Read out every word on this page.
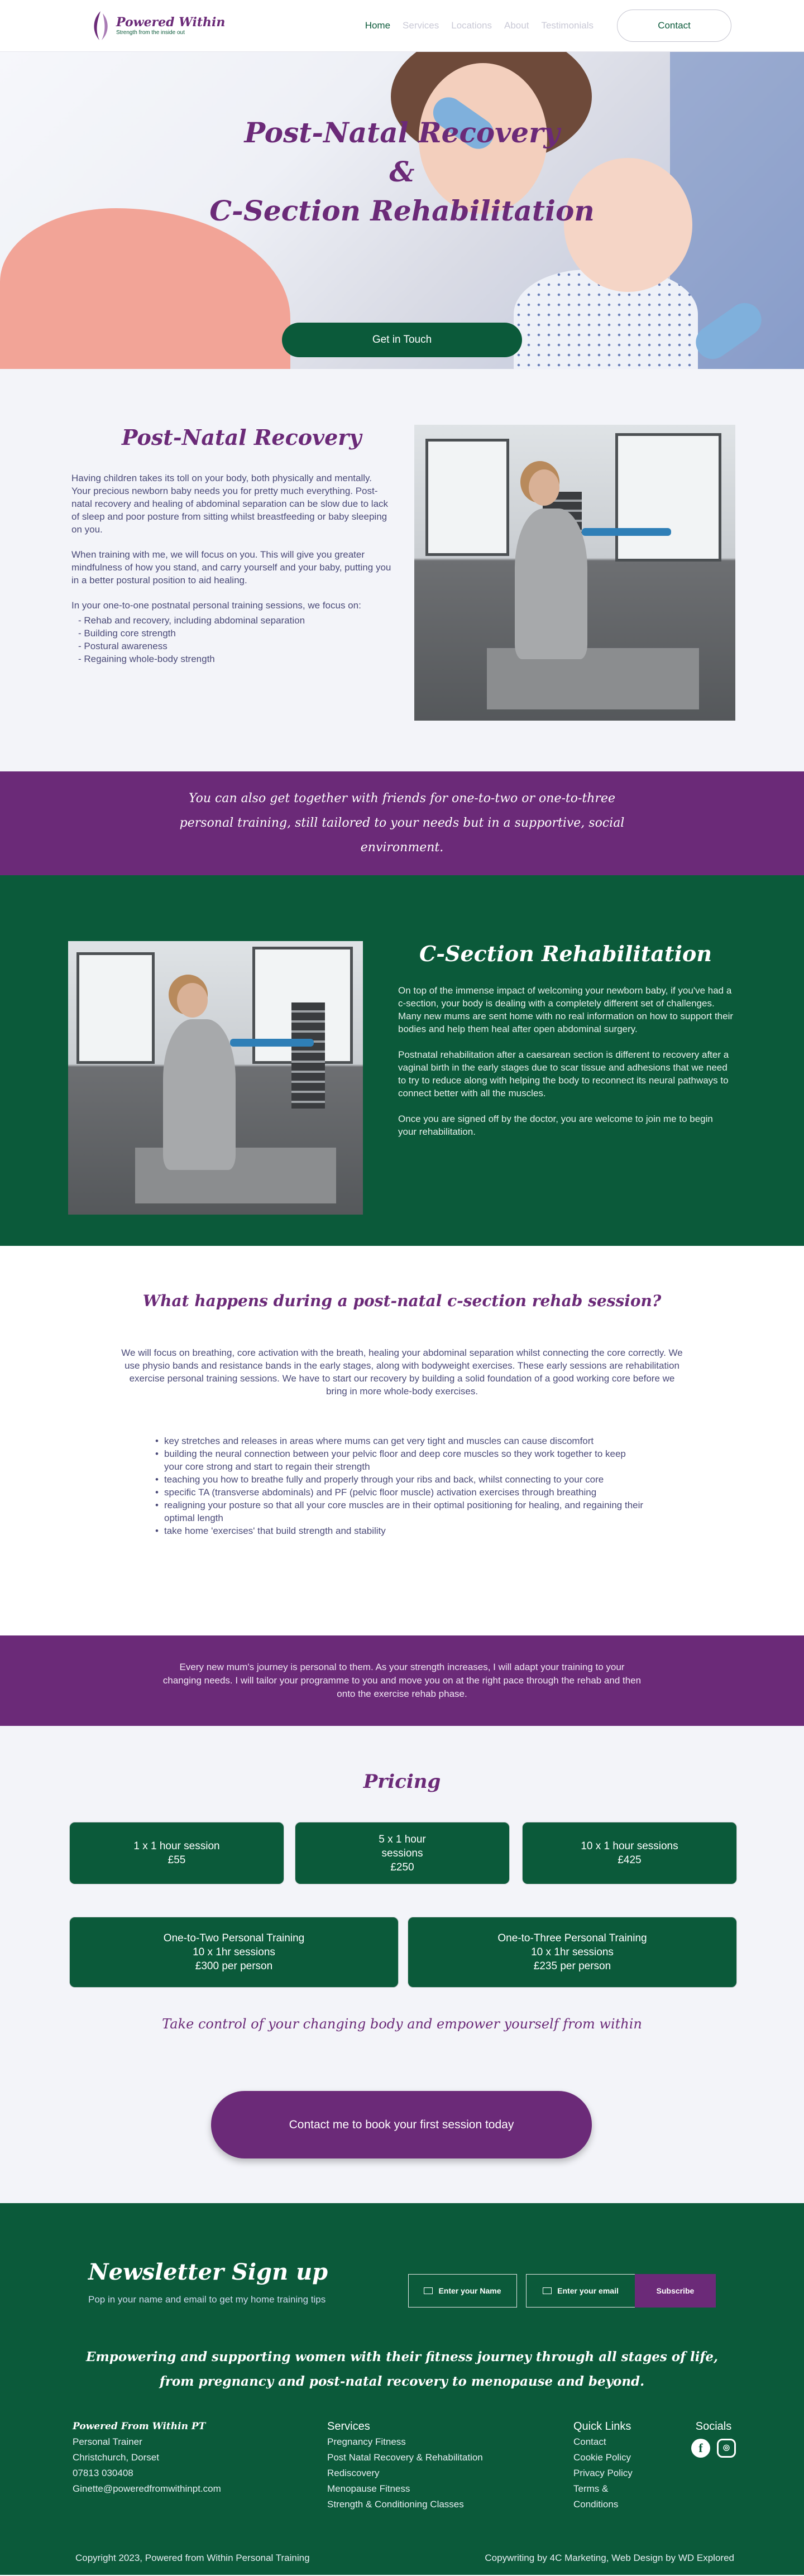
Powered Within
Strength from the inside out
Home Services Locations About Testimonials	Contact
Post-Natal Recovery
&
C-Section Rehabilitation
Get in Touch
Post-Natal Recovery

Having children takes its toll on your body, both physically and mentally. Your precious newborn baby needs you for pretty much everything. Post-natal recovery and healing of abdominal separation can be slow due to lack of sleep and poor posture from sitting whilst breastfeeding or baby sleeping on you.

When training with me, we will focus on you. This will give you greater mindfulness of how you stand, and carry yourself and your baby, putting you in a better postural position to aid healing.

In your one-to-one postnatal personal training sessions, we focus on:

- Rehab and recovery, including abdominal separation
- Building core strength
- Postural awareness
- Regaining whole-body strength

You can also get together with friends for one-to-two or one-to-three personal training, still tailored to your needs but in a supportive, social environment.

C-Section Rehabilitation

On top of the immense impact of welcoming your newborn baby, if you've had a c-section, your body is dealing with a completely different set of challenges. Many new mums are sent home with no real information on how to support their bodies and help them heal after open abdominal surgery.

Postnatal rehabilitation after a caesarean section is different to recovery after a vaginal birth in the early stages due to scar tissue and adhesions that we need to try to reduce along with helping the body to reconnect its neural pathways to connect better with all the muscles.

Once you are signed off by the doctor, you are welcome to join me to begin your rehabilitation.

What happens during a post-natal c-section rehab session?

We will focus on breathing, core activation with the breath, healing your abdominal separation whilst connecting the core correctly. We use physio bands and resistance bands in the early stages, along with bodyweight exercises. These early sessions are rehabilitation exercise personal training sessions. We have to start our recovery by building a solid foundation of a good working core before we bring in more whole-body exercises.

• key stretches and releases in areas where mums can get very tight and muscles can cause discomfort
• building the neural connection between your pelvic floor and deep core muscles so they work together to keep your core strong and start to regain their strength
• teaching you how to breathe fully and properly through your ribs and back, whilst connecting to your core
• specific TA (transverse abdominals) and PF (pelvic floor muscle) activation exercises through breathing
• realigning your posture so that all your core muscles are in their optimal positioning for healing, and regaining their optimal length
• take home 'exercises' that build strength and stability

Every new mum's journey is personal to them. As your strength increases, I will adapt your training to your changing needs. I will tailor your programme to you and move you on at the right pace through the rehab and then onto the exercise rehab phase.

Pricing
1 x 1 hour session
£55
5 x 1 hour
sessions
£250
10 x 1 hour sessions
£425
One-to-Two Personal Training
10 x 1hr sessions
£300 per person
One-to-Three Personal Training
10 x 1hr sessions
£235 per person

Take control of your changing body and empower yourself from within

Contact me to book your first session today
Newsletter Sign up

Pop in your name and email to get my home training tips

Enter your Name	Enter your email	Subscribe
Empowering and supporting women with their fitness journey through all stages of life,
from pregnancy and post-natal recovery to menopause and beyond.
Powered From Within PT
Personal Trainer
Christchurch, Dorset
07813 030408
Ginette@poweredfromwithinpt.com
Services
Pregnancy Fitness
Post Natal Recovery & Rehabilitation
Rediscovery
Menopause Fitness
Strength & Conditioning Classes
Quick Links
Contact
Cookie Policy
Privacy Policy
Terms &
Conditions
Socials
f	◎
Copyright 2023, Powered from Within Personal Training	Copywriting by 4C Marketing, Web Design by WD Explored
